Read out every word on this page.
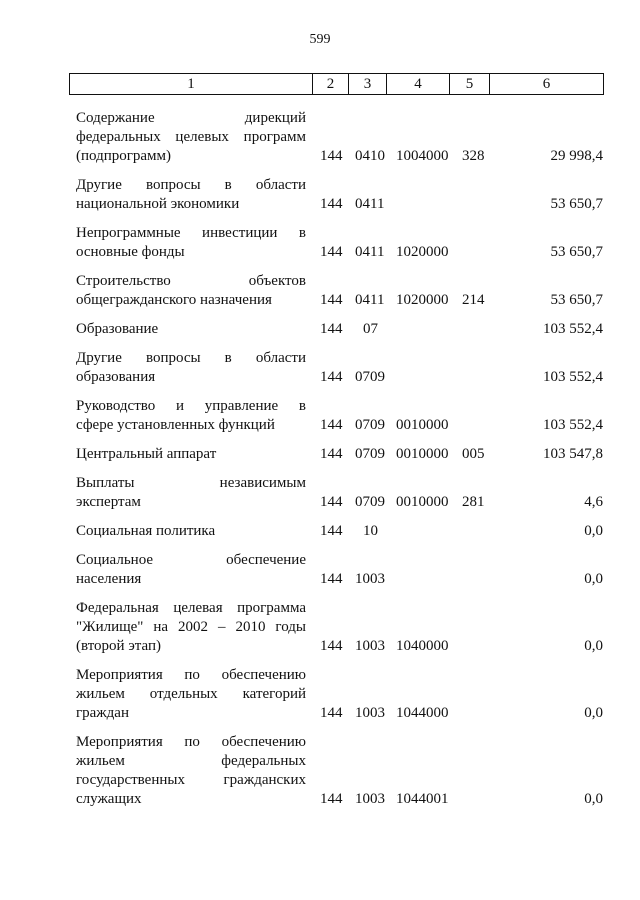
599
1	2	3	4	5	6
Содержание дирекций
федеральных целевых программ
(подпрограмм)	144 0410 1004000 328	29 998,4
Другие вопросы в области
национальной экономики	144 0411	53 650,7
Непрограммные инвестиции в
основные фонды	144 0411 1020000	53 650,7
Строительство объектов
общегражданского назначения	144 0411 1020000 214	53 650,7
Образование	144 07	103 552,4
Другие вопросы в области
образования	144 0709	103 552,4
Руководство и управление в
сфере установленных функций	144 0709 0010000	103 552,4
Центральный аппарат	144 0709 0010000 005	103 547,8
Выплаты независимым
экспертам	144 0709 0010000 281	4,6
Социальная политика	144 10	0,0
Социальное обеспечение
населения	144 1003	0,0
Федеральная целевая программа
"Жилище" на 2002 – 2010 годы
(второй этап)	144 1003 1040000	0,0
Мероприятия по обеспечению
жильем отдельных категорий
граждан	144 1003 1044000	0,0
Мероприятия по обеспечению
жильем федеральных
государственных гражданских
служащих	144 1003 1044001	0,0
